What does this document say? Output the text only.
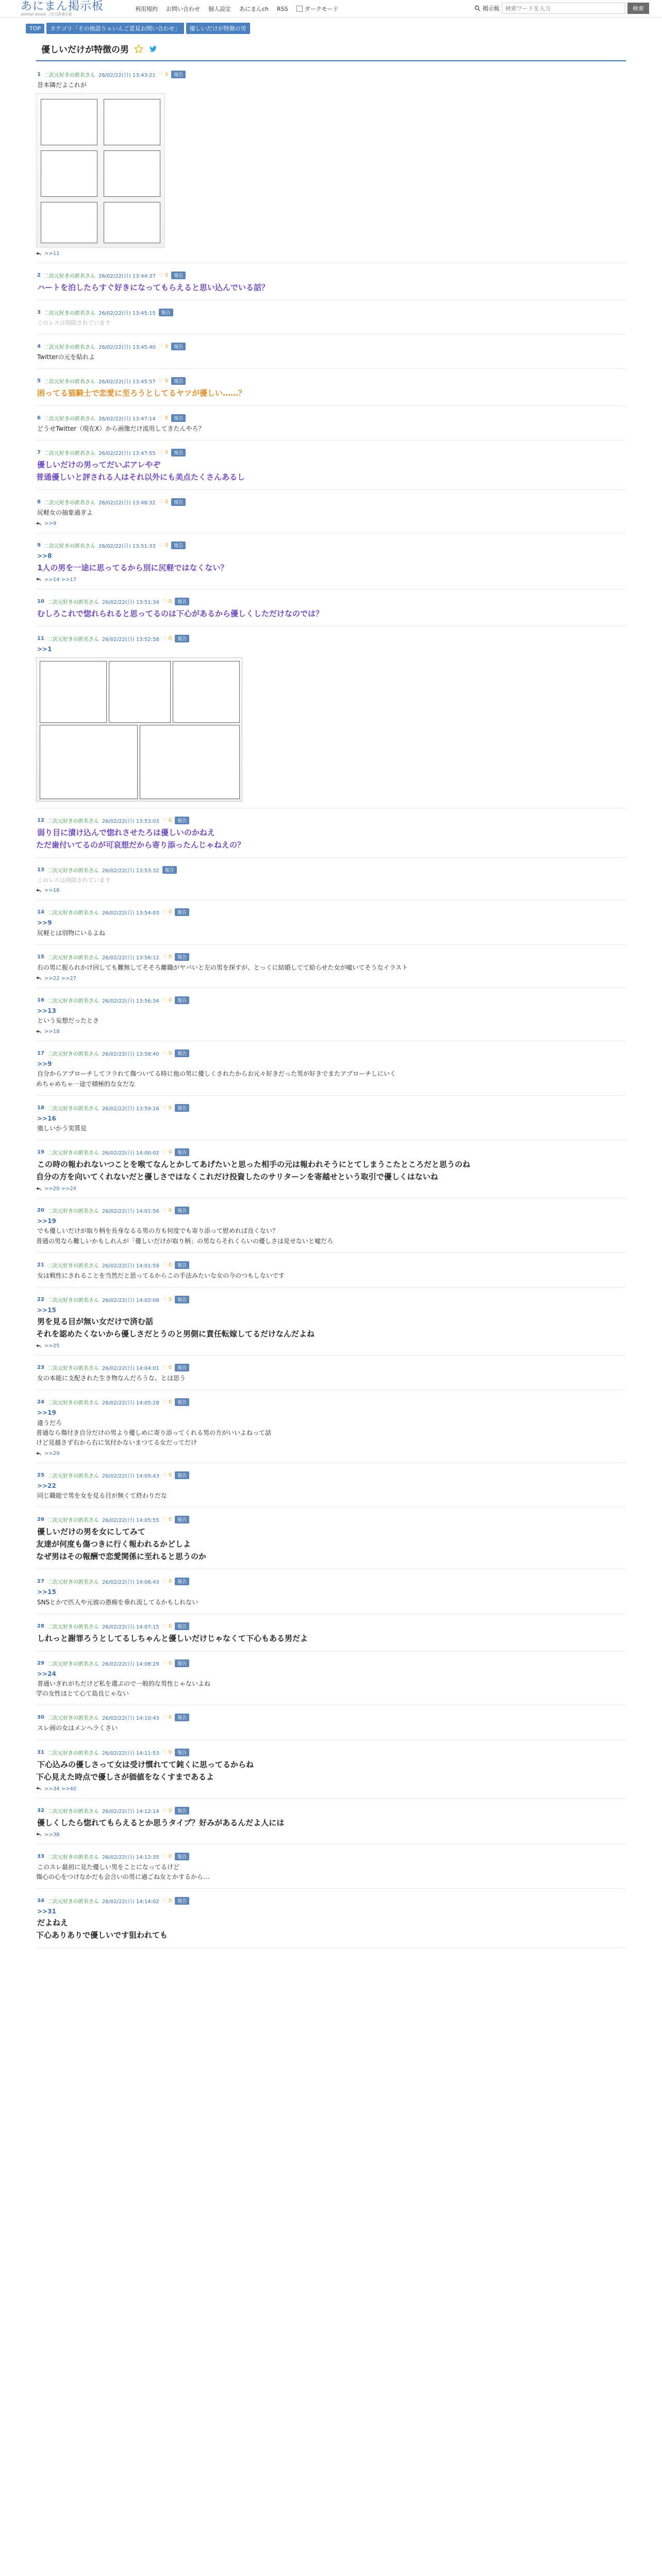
あにまん掲示板
animan board 二次元系掲示板
利用規約 お問い合わせ 個人設定 あにまんch RSS	ダークモード	掲示板
検索ワードを入力	検索
TOP	カテゴリ「その他語りゃいんご意見お問い合わせ」	優しいだけが特徴の男
優しいだけが特徴の男
1 二次元好きの匿名さん 26/02/22(日) 13:43:21 ♡ 0	報告
昔本隣だよこれが
>>11
2 二次元好きの匿名さん 26/02/22(日) 13:44:37 ♡ 0	報告
ハートを泊したらすぐ好きになってもらえると思い込んでいる話？
3 二次元好きの匿名さん 26/02/22(日) 13:45:15	報告
このレスは削除されています
4 二次元好きの匿名さん 26/02/22(日) 13:45:40 ♡ 0	報告
Twitterの元を貼れよ
5 二次元好きの匿名さん 26/02/22(日) 13:45:57 ♡ 0	報告
困ってる猫騎士で恋愛に至ろうとしてるヤツが優しい……？
6 二次元好きの匿名さん 26/02/22(日) 13:47:14 ♡ 0	報告
どうせTwitter（現在X）から画像だけ流用してきたんやろ？
7 二次元好きの匿名さん 26/02/22(日) 13:47:55 ♡ 0	報告
優しいだけの男ってだいぶアレやぞ
普通優しいと評される人はそれ以外にも美点たくさんあるし
8 二次元好きの匿名さん 26/02/22(日) 13:48:32 ♡ 0	報告
尻軽女の抽象過ぎよ
>>9
9 二次元好きの匿名さん 26/02/22(日) 13:51:33 ♡ 0	報告
>>8
1人の男を一途に思ってるから別に尻軽ではなくない？
>>14 >>17
10 二次元好きの匿名さん 26/02/22(日) 13:51:34 ♡ 0	報告
むしろこれで惚れられると思ってるのは下心があるから優しくしただけなのでは？
11 二次元好きの匿名さん 26/02/22(日) 13:52:58 ♡ 0	報告
>>1
12 二次元好きの匿名さん 26/02/22(日) 13:53:03 ♡ 0	報告
弱り目に漬け込んで惚れさせたろは優しいのかねえ
ただ歯付いてるのが可哀想だから寄り添ったんじゃねえの？
13 二次元好きの匿名さん 26/02/22(日) 13:53:32	報告
このレスは削除されています
>>16
14 二次元好きの匿名さん 26/02/22(日) 13:54:03 ♡ 0	報告
>>9
尻軽とは別物にいるよね
15 二次元好きの匿名さん 26/02/22(日) 13:56:12 ♡ 0	報告
右の男に振られかけ回しても難無してそそろ離職がヤバいと左の男を探すが、とっくに結婚してて給らせた女が嘘いてそうなイラスト
>>22 >>27
16 二次元好きの匿名さん 26/02/22(日) 13:56:34 ♡ 0	報告
>>13
という妄想だったとさ
>>18
17 二次元好きの匿名さん 26/02/22(日) 13:58:40 ♡ 0	報告
>>9
自分からアプローチしてフラれて傷ついてる時に他の男に優しくされたからお元々好きだった男が好きでまたアプローチしにいく
めちゃめちゃ一途で積極的な女だな
18 二次元好きの匿名さん 26/02/22(日) 13:59:16 ♡ 0	報告
>>16
強しいかう実質見
19 二次元好きの匿名さん 26/02/22(日) 14:00:02 ♡ 0	報告
この時の報われないつことを喉てなんとかしてあげたいと思った相手の元は報われそうにとてしまうこたところだと思うのね
自分の方を向いてくれないだと優しさではなくこれだけ投資したのサリターンを寄越せという取引で優しくはないね
>>20 >>24
20 二次元好きの匿名さん 26/02/22(日) 14:01:56 ♡ 0	報告
>>19
でも優しいだけが取り柄を長身なるる男の方も何度でも寄り添って慰めれば良くない？
普通の男なら難しいかもしれんが「優しいだけが取り柄」の男ならそれくらいの優しさは見せないと嘘だろ
21 二次元好きの匿名さん 26/02/22(日) 14:01:59 ♡ 0	報告
女は戦性にされることを当然だと思ってるからこの手法みたいな女の今のつもしないです
22 二次元好きの匿名さん 26/02/22(日) 14:02:08 ♡ 0	報告
>>15
男を見る目が無い女だけで済む話
それを認めたくないから優しさだとうのと男側に責任転嫁してるだけなんだよね
>>25
23 二次元好きの匿名さん 26/02/22(日) 14:04:01 ♡ 0	報告
女の本能に支配された生き物なんだろうな、とは思う
24 二次元好きの匿名さん 26/02/22(日) 14:05:28 ♡ 0	報告
>>19
違うだろ
普通なら傷付き自分だけの男より優しめに寄り添ってくれる男の方がいいよねって話
けど見越さず右から右に気付かないまつてる女だってだけ
>>29
25 二次元好きの匿名さん 26/02/22(日) 14:05:43 ♡ 0	報告
>>22
同じ職能で男を女を見る目が無くて終わりだな
26 二次元好きの匿名さん 26/02/22(日) 14:05:55 ♡ 0	報告
優しいだけの男を女にしてみて
友達が何度も傷つきに行く報われるかどしよ
なぜ男はその報酬で恋愛関係に至れると思うのか
27 二次元好きの匿名さん 26/02/22(日) 14:06:43 ♡ 0	報告
>>15
SNSとかで匹人や元彼の愚痴を垂れ流してるかもしれない
28 二次元好きの匿名さん 26/02/22(日) 14:07:15 ♡ 0	報告
しれっと謝罪ろうとしてるしちゃんと優しいだけじゃなくて下心もある男だよ
29 二次元好きの匿名さん 26/02/22(日) 14:08:29 ♡ 0	報告
>>24
普通いぎれがちだけど私を選ぶので一般的な男性じゃないよね
学の女性ほとて心て島良じゃない
30 二次元好きの匿名さん 26/02/22(日) 14:10:43 ♡ 0	報告
スレ画の女はメンヘラくさい
31 二次元好きの匿名さん 26/02/22(日) 14:11:53 ♡ 0	報告
下心込みの優しさって女は受け慣れてて鈍くに思ってるからね
下心見えた時点で優しさが価値をなくすまであるよ
>>34 >>40
32 二次元好きの匿名さん 26/02/22(日) 14:12:14 ♡ 0	報告
優しくしたら惚れてもらえるとか思うタイプ？好みがあるんだよ人には
>>38
33 二次元好きの匿名さん 26/02/22(日) 14:12:35 ♡ 0	報告
このスレ最初に見た優しい男をことになってるけど
傷心の心をつけなかだも会合いの男に過ごね女とかするから…
34 二次元好きの匿名さん 26/02/22(日) 14:14:02 ♡ 0	報告
>>31
だよねえ
下心ありありで優しいです狙われても
